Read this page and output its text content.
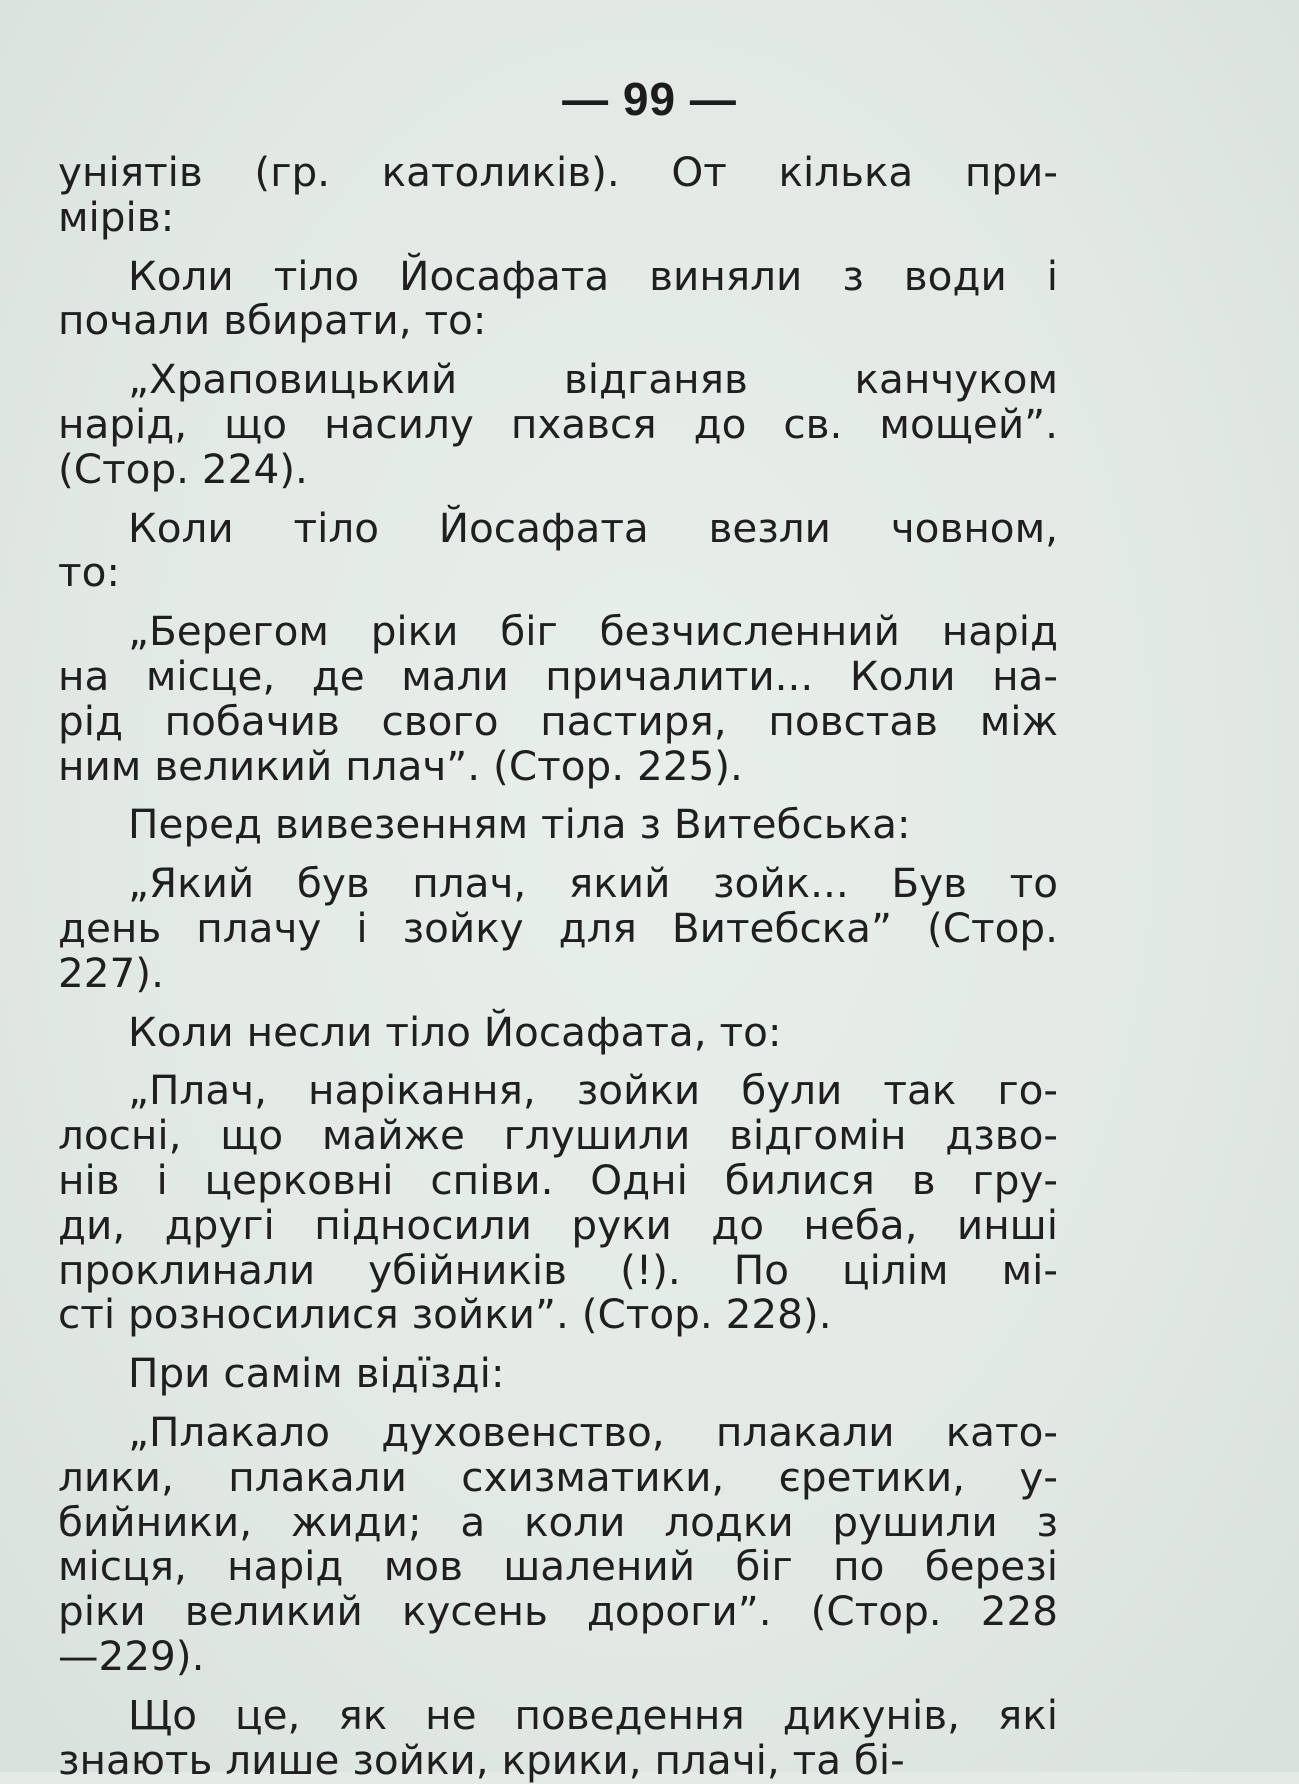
— 99 —
уніятів (гр. католиків). От кілька при-
мірів:
Коли тіло Йосафата виняли з води і
почали вбирати, то:
„Храповицький відганяв канчуком
нарід, що насилу пхався до св. мощей”.
(Стор. 224).
Коли тіло Йосафата везли човном,
то:
„Берегом ріки біг безчисленний нарід
на місце, де мали причалити... Коли на-
рід побачив свого пастиря, повстав між
ним великий плач”. (Стор. 225).
Перед вивезенням тіла з Витебська:
„Який був плач, який зойк... Був то
день плачу і зойку для Витебска” (Стор.
227).
Коли несли тіло Йосафата, то:
„Плач, нарікання, зойки були так го-
лосні, що майже глушили відгомін дзво-
нів і церковні співи. Одні билися в гру-
ди, другі підносили руки до неба, инші
проклинали убійників (!). По цілім мі-
сті розносилися зойки”. (Стор. 228).
При самім відїзді:
„Плакало духовенство, плакали като-
лики, плакали схизматики, єретики, у-
бийники, жиди; а коли лодки рушили з
місця, нарід мов шалений біг по березі
ріки великий кусень дороги”. (Стор. 228
—229).
Що це, як не поведення дикунів, які
знають лише зойки, крики, плачі, та бі-
